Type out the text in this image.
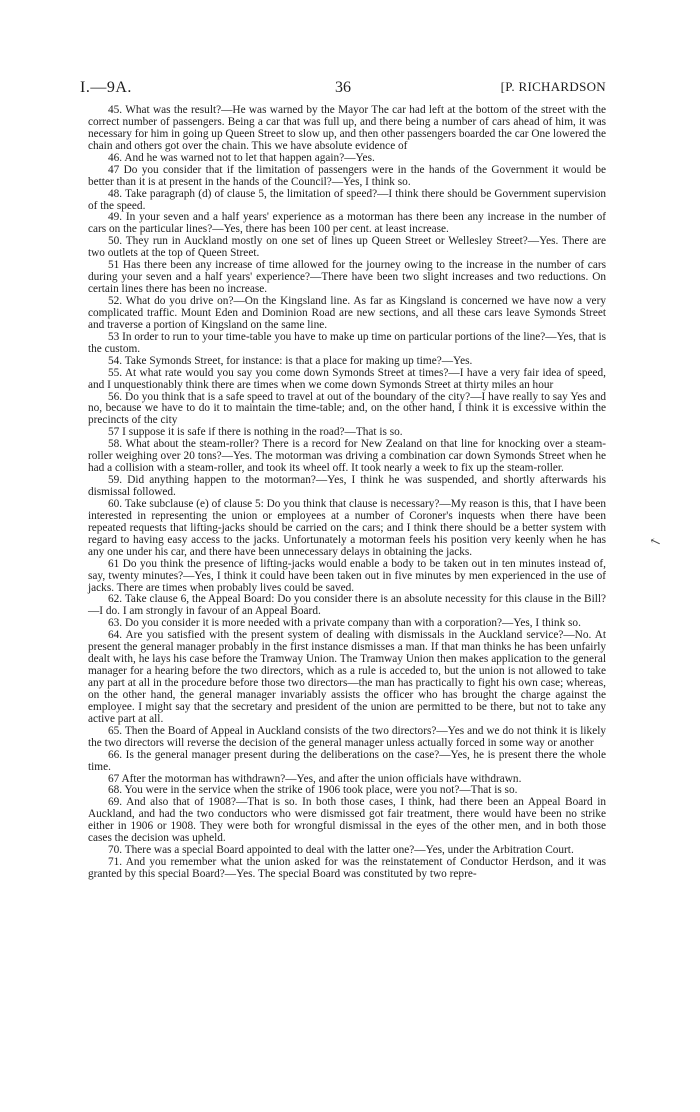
I.—9A.	36	[P. RICHARDSON
↖

45. What was the result?—He was warned by the Mayor The car had left at the bottom of the street with the correct number of passengers. Being a car that was full up, and there being a number of cars ahead of him, it was necessary for him in going up Queen Street to slow up, and then other passengers boarded the car One lowered the chain and others got over the chain. This we have absolute evidence of

46. And he was warned not to let that happen again?—Yes.

47 Do you consider that if the limitation of passengers were in the hands of the Government it would be better than it is at present in the hands of the Council?—Yes, I think so.

48. Take paragraph (d) of clause 5, the limitation of speed?—I think there should be Government supervision of the speed.

49. In your seven and a half years' experience as a motorman has there been any increase in the number of cars on the particular lines?—Yes, there has been 100 per cent. at least increase.

50. They run in Auckland mostly on one set of lines up Queen Street or Wellesley Street?—Yes. There are two outlets at the top of Queen Street.

51 Has there been any increase of time allowed for the journey owing to the increase in the number of cars during your seven and a half years' experience?—There have been two slight increases and two reductions. On certain lines there has been no increase.

52. What do you drive on?—On the Kingsland line. As far as Kingsland is concerned we have now a very complicated traffic. Mount Eden and Dominion Road are new sections, and all these cars leave Symonds Street and traverse a portion of Kingsland on the same line.

53 In order to run to your time-table you have to make up time on particular portions of the line?—Yes, that is the custom.

54. Take Symonds Street, for instance: is that a place for making up time?—Yes.

55. At what rate would you say you come down Symonds Street at times?—I have a very fair idea of speed, and I unquestionably think there are times when we come down Symonds Street at thirty miles an hour

56. Do you think that is a safe speed to travel at out of the boundary of the city?—I have really to say Yes and no, because we have to do it to maintain the time-table; and, on the other hand, I think it is excessive within the precincts of the city

57 I suppose it is safe if there is nothing in the road?—That is so.

58. What about the steam-roller? There is a record for New Zealand on that line for knocking over a steam-roller weighing over 20 tons?—Yes. The motorman was driving a combination car down Symonds Street when he had a collision with a steam-roller, and took its wheel off. It took nearly a week to fix up the steam-roller.

59. Did anything happen to the motorman?—Yes, I think he was suspended, and shortly afterwards his dismissal followed.

60. Take subclause (e) of clause 5: Do you think that clause is necessary?—My reason is this, that I have been interested in representing the union or employees at a number of Coroner's inquests when there have been repeated requests that lifting-jacks should be carried on the cars; and I think there should be a better system with regard to having easy access to the jacks. Unfortunately a motorman feels his position very keenly when he has any one under his car, and there have been unnecessary delays in obtaining the jacks.

61 Do you think the presence of lifting-jacks would enable a body to be taken out in ten minutes instead of, say, twenty minutes?—Yes, I think it could have been taken out in five minutes by men experienced in the use of jacks. There are times when probably lives could be saved.

62. Take clause 6, the Appeal Board: Do you consider there is an absolute necessity for this clause in the Bill?—I do. I am strongly in favour of an Appeal Board.

63. Do you consider it is more needed with a private company than with a corporation?—Yes, I think so.

64. Are you satisfied with the present system of dealing with dismissals in the Auckland service?—No. At present the general manager probably in the first instance dismisses a man. If that man thinks he has been unfairly dealt with, he lays his case before the Tramway Union. The Tramway Union then makes application to the general manager for a hearing before the two directors, which as a rule is acceded to, but the union is not allowed to take any part at all in the procedure before those two directors—the man has practically to fight his own case; whereas, on the other hand, the general manager invariably assists the officer who has brought the charge against the employee. I might say that the secretary and president of the union are permitted to be there, but not to take any active part at all.

65. Then the Board of Appeal in Auckland consists of the two directors?—Yes and we do not think it is likely the two directors will reverse the decision of the general manager unless actually forced in some way or another

66. Is the general manager present during the deliberations on the case?—Yes, he is present there the whole time.

67 After the motorman has withdrawn?—Yes, and after the union officials have withdrawn.

68. You were in the service when the strike of 1906 took place, were you not?—That is so.

69. And also that of 1908?—That is so. In both those cases, I think, had there been an Appeal Board in Auckland, and had the two conductors who were dismissed got fair treatment, there would have been no strike either in 1906 or 1908. They were both for wrongful dismissal in the eyes of the other men, and in both those cases the decision was upheld.

70. There was a special Board appointed to deal with the latter one?—Yes, under the Arbitration Court.

71. And you remember what the union asked for was the reinstatement of Conductor Herdson, and it was granted by this special Board?—Yes. The special Board was constituted by two repre-
